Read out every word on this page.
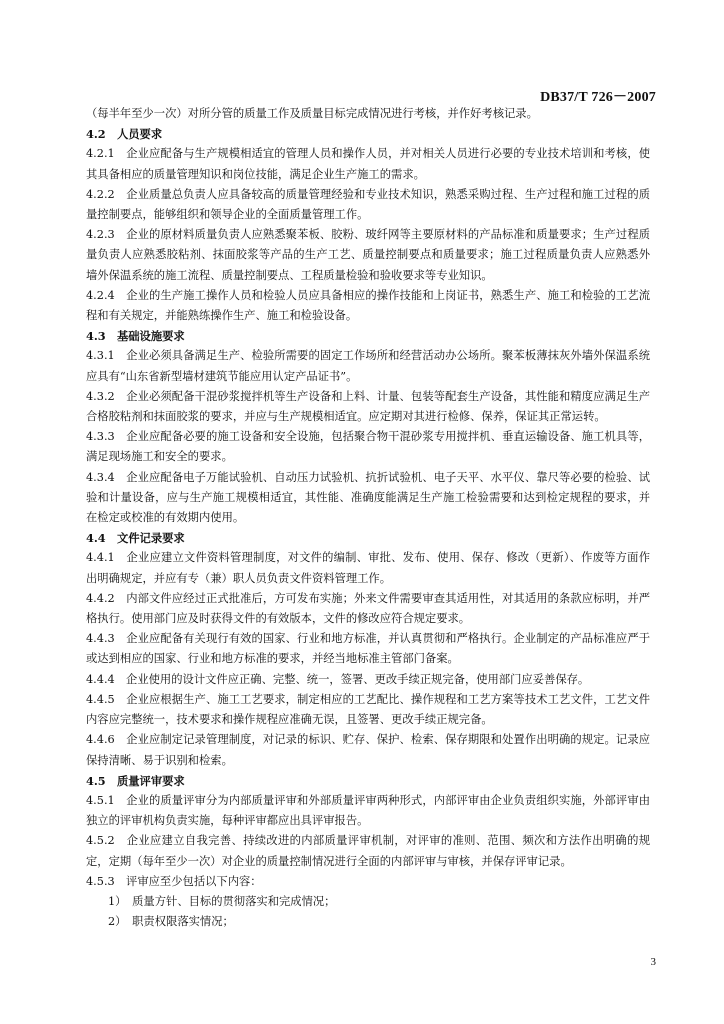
DB37/T 726－2007

（每半年至少一次）对所分管的质量工作及质量目标完成情况进行考核，并作好考核记录。

4.2　人员要求

4.2.1　企业应配备与生产规模相适宜的管理人员和操作人员，并对相关人员进行必要的专业技术培训和考核，使其具备相应的质量管理知识和岗位技能，满足企业生产施工的需求。

4.2.2　企业质量总负责人应具备较高的质量管理经验和专业技术知识，熟悉采购过程、生产过程和施工过程的质量控制要点，能够组织和领导企业的全面质量管理工作。

4.2.3　企业的原材料质量负责人应熟悉聚苯板、胶粉、玻纤网等主要原材料的产品标准和质量要求；生产过程质量负责人应熟悉胶粘剂、抹面胶浆等产品的生产工艺、质量控制要点和质量要求；施工过程质量负责人应熟悉外墙外保温系统的施工流程、质量控制要点、工程质量检验和验收要求等专业知识。

4.2.4　企业的生产施工操作人员和检验人员应具备相应的操作技能和上岗证书，熟悉生产、施工和检验的工艺流程和有关规定，并能熟练操作生产、施工和检验设备。

4.3　基础设施要求

4.3.1　企业必须具备满足生产、检验所需要的固定工作场所和经营活动办公场所。聚苯板薄抹灰外墙外保温系统应具有“山东省新型墙材建筑节能应用认定产品证书”。

4.3.2　企业必须配备干混砂浆搅拌机等生产设备和上料、计量、包装等配套生产设备，其性能和精度应满足生产合格胶粘剂和抹面胶浆的要求，并应与生产规模相适宜。应定期对其进行检修、保养，保证其正常运转。

4.3.3　企业应配备必要的施工设备和安全设施，包括聚合物干混砂浆专用搅拌机、垂直运输设备、施工机具等，满足现场施工和安全的要求。

4.3.4　企业应配备电子万能试验机、自动压力试验机、抗折试验机、电子天平、水平仪、靠尺等必要的检验、试验和计量设备，应与生产施工规模相适宜，其性能、准确度能满足生产施工检验需要和达到检定规程的要求，并在检定或校准的有效期内使用。

4.4　文件记录要求

4.4.1　企业应建立文件资料管理制度，对文件的编制、审批、发布、使用、保存、修改（更新）、作废等方面作出明确规定，并应有专（兼）职人员负责文件资料管理工作。

4.4.2　内部文件应经过正式批准后，方可发布实施；外来文件需要审查其适用性，对其适用的条款应标明，并严格执行。使用部门应及时获得文件的有效版本，文件的修改应符合规定要求。

4.4.3　企业应配备有关现行有效的国家、行业和地方标准，并认真贯彻和严格执行。企业制定的产品标准应严于或达到相应的国家、行业和地方标准的要求，并经当地标准主管部门备案。

4.4.4　企业使用的设计文件应正确、完整、统一，签署、更改手续正规完备，使用部门应妥善保存。

4.4.5　企业应根据生产、施工工艺要求，制定相应的工艺配比、操作规程和工艺方案等技术工艺文件，工艺文件内容应完整统一，技术要求和操作规程应准确无误，且签署、更改手续正规完备。

4.4.6　企业应制定记录管理制度，对记录的标识、贮存、保护、检索、保存期限和处置作出明确的规定。记录应保持清晰、易于识别和检索。

4.5　质量评审要求

4.5.1　企业的质量评审分为内部质量评审和外部质量评审两种形式，内部评审由企业负责组织实施，外部评审由独立的评审机构负责实施，每种评审都应出具评审报告。

4.5.2　企业应建立自我完善、持续改进的内部质量评审机制，对评审的准则、范围、频次和方法作出明确的规定，定期（每年至少一次）对企业的质量控制情况进行全面的内部评审与审核，并保存评审记录。

4.5.3　评审应至少包括以下内容：

1）　质量方针、目标的贯彻落实和完成情况；

2）　职责权限落实情况；

3
